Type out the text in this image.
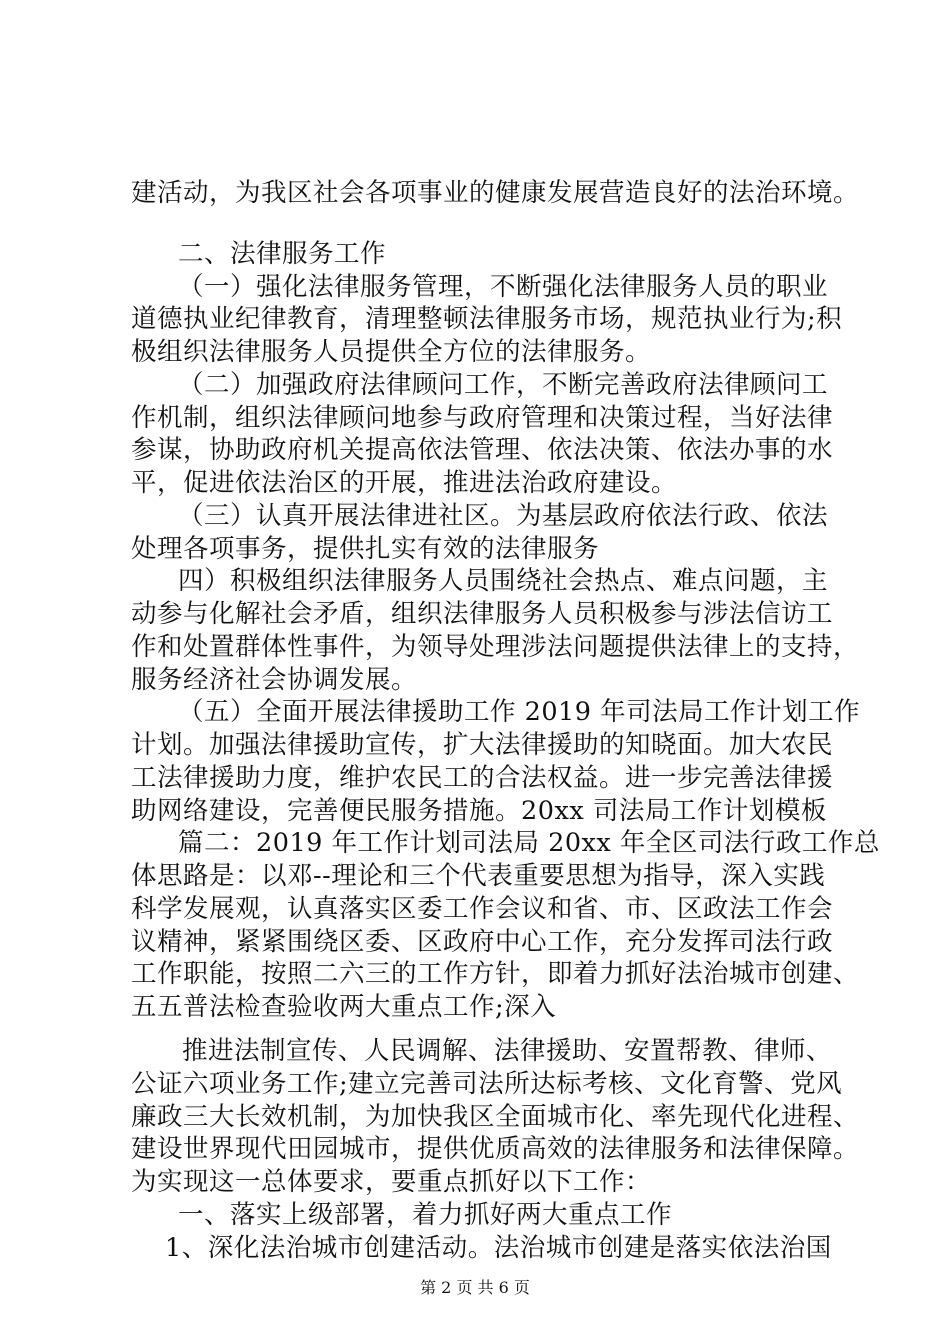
建活动，为我区社会各项事业的健康发展营造良好的法治环境。
二、法律服务工作
（一）强化法律服务管理，不断强化法律服务人员的职业
道德执业纪律教育，清理整顿法律服务市场，规范执业行为;积
极组织法律服务人员提供全方位的法律服务。
（二）加强政府法律顾问工作，不断完善政府法律顾问工
作机制，组织法律顾问地参与政府管理和决策过程，当好法律
参谋，协助政府机关提高依法管理、依法决策、依法办事的水
平，促进依法治区的开展，推进法治政府建设。
（三）认真开展法律进社区。为基层政府依法行政、依法
处理各项事务，提供扎实有效的法律服务
四）积极组织法律服务人员围绕社会热点、难点问题，主
动参与化解社会矛盾，组织法律服务人员积极参与涉法信访工
作和处置群体性事件，为领导处理涉法问题提供法律上的支持，
服务经济社会协调发展。
（五）全面开展法律援助工作 2019 年司法局工作计划工作
计划。加强法律援助宣传，扩大法律援助的知晓面。加大农民
工法律援助力度，维护农民工的合法权益。进一步完善法律援
助网络建设，完善便民服务措施。20xx 司法局工作计划模板
篇二：2019 年工作计划司法局 20xx 年全区司法行政工作总
体思路是：以邓--理论和三个代表重要思想为指导，深入实践
科学发展观，认真落实区委工作会议和省、市、区政法工作会
议精神，紧紧围绕区委、区政府中心工作，充分发挥司法行政
工作职能，按照二六三的工作方针，即着力抓好法治城市创建、
五五普法检查验收两大重点工作;深入
推进法制宣传、人民调解、法律援助、安置帮教、律师、
公证六项业务工作;建立完善司法所达标考核、文化育警、党风
廉政三大长效机制，为加快我区全面城市化、率先现代化进程、
建设世界现代田园城市，提供优质高效的法律服务和法律保障。
为实现这一总体要求，要重点抓好以下工作：
一、落实上级部署，着力抓好两大重点工作
1、深化法治城市创建活动。法治城市创建是落实依法治国
第 2 页 共 6 页
